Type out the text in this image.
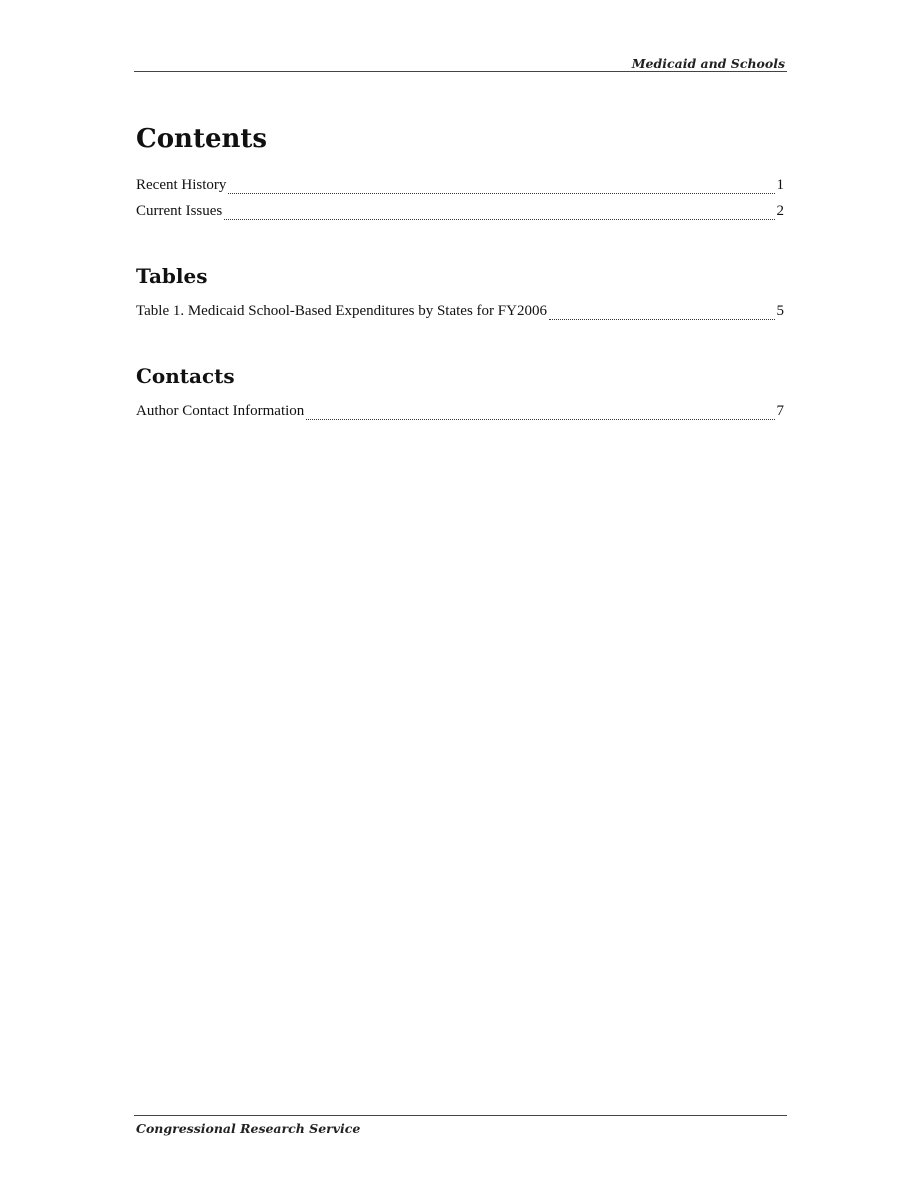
Medicaid and Schools
Contents
Recent History	1
Current Issues	2
Tables
Table 1. Medicaid School-Based Expenditures by States for FY2006	5
Contacts
Author Contact Information	7
Congressional Research Service
